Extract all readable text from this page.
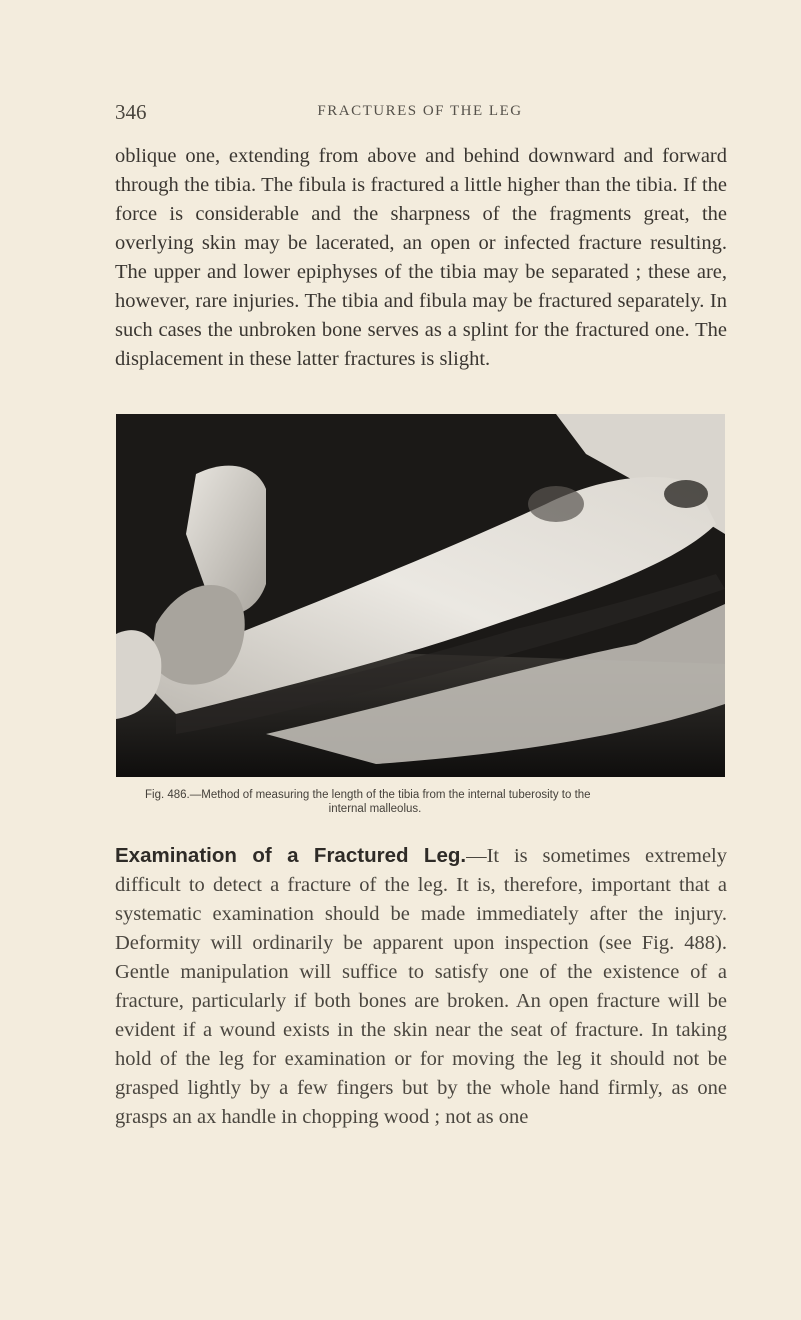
346	FRACTURES OF THE LEG

oblique one, extending from above and behind downward and forward through the tibia. The fibula is fractured a little higher than the tibia. If the force is considerable and the sharpness of the fragments great, the overlying skin may be lacerated, an open or infected fracture resulting. The upper and lower epiphyses of the tibia may be separated ; these are, however, rare injuries. The tibia and fibula may be fractured separately. In such cases the unbroken bone serves as a splint for the fractured one. The displacement in these latter fractures is slight.

Fig. 486.—Method of measuring the length of the tibia from the internal tuberosity to the

internal malleolus.

Examination of a Fractured Leg.—It is sometimes extremely difficult to detect a fracture of the leg. It is, therefore, important that a systematic examination should be made immediately after the injury. Deformity will ordinarily be apparent upon inspection (see Fig. 488). Gentle manipulation will suffice to satisfy one of the existence of a fracture, particularly if both bones are broken. An open fracture will be evident if a wound exists in the skin near the seat of fracture. In taking hold of the leg for examination or for moving the leg it should not be grasped lightly by a few fingers but by the whole hand firmly, as one grasps an ax handle in chopping wood ; not as one
